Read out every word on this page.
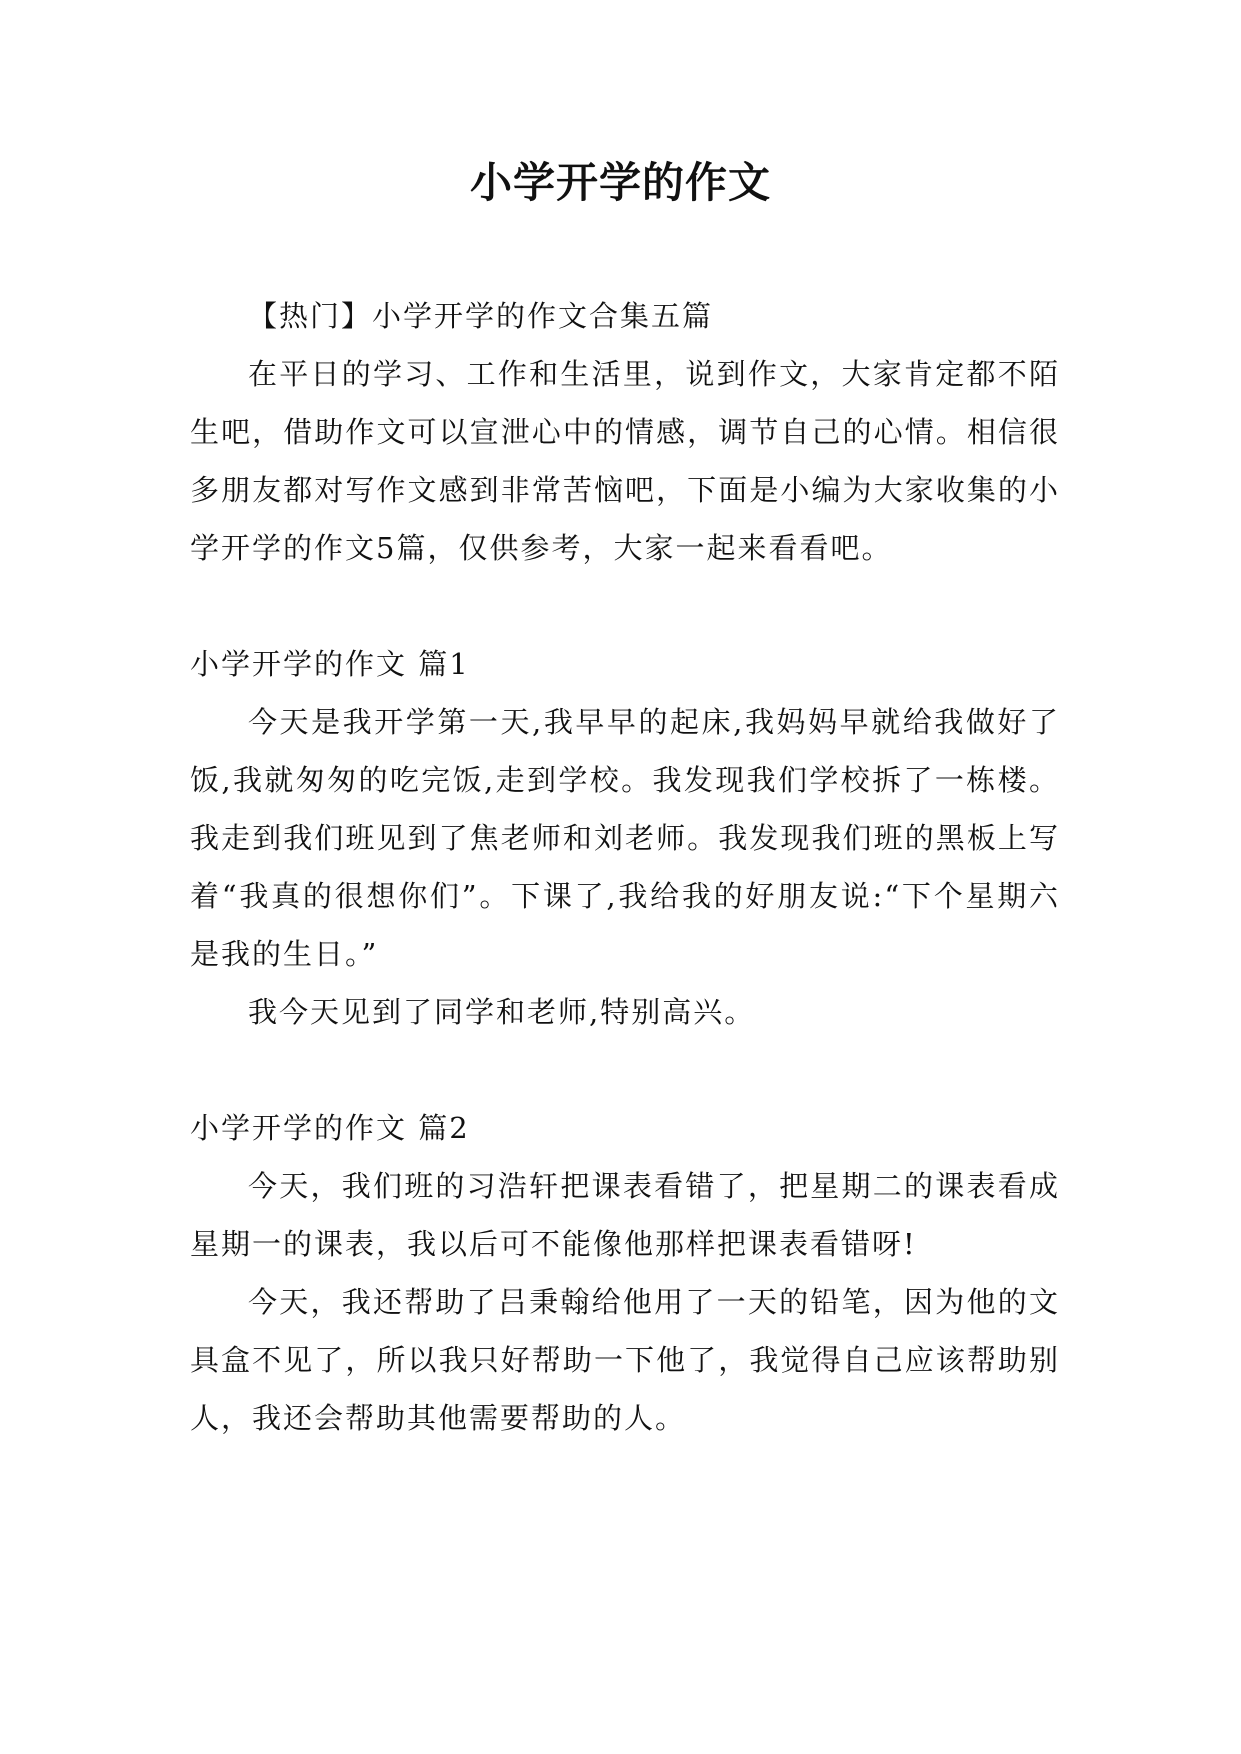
小学开学的作文

【热门】小学开学的作文合集五篇

在平日的学习、工作和生活里，说到作文，大家肯定都不陌生吧，借助作文可以宣泄心中的情感，调节自己的心情。相信很多朋友都对写作文感到非常苦恼吧，下面是小编为大家收集的小学开学的作文5篇，仅供参考，大家一起来看看吧。

小学开学的作文 篇1

今天是我开学第一天,我早早的起床,我妈妈早就给我做好了饭,我就匆匆的吃完饭,走到学校。我发现我们学校拆了一栋楼。我走到我们班见到了焦老师和刘老师。我发现我们班的黑板上写着“我真的很想你们”。下课了,我给我的好朋友说:“下个星期六是我的生日。”

我今天见到了同学和老师,特别高兴。

小学开学的作文 篇2

今天，我们班的习浩轩把课表看错了，把星期二的课表看成星期一的课表，我以后可不能像他那样把课表看错呀!

今天，我还帮助了吕秉翰给他用了一天的铅笔，因为他的文具盒不见了，所以我只好帮助一下他了，我觉得自己应该帮助别人，我还会帮助其他需要帮助的人。
